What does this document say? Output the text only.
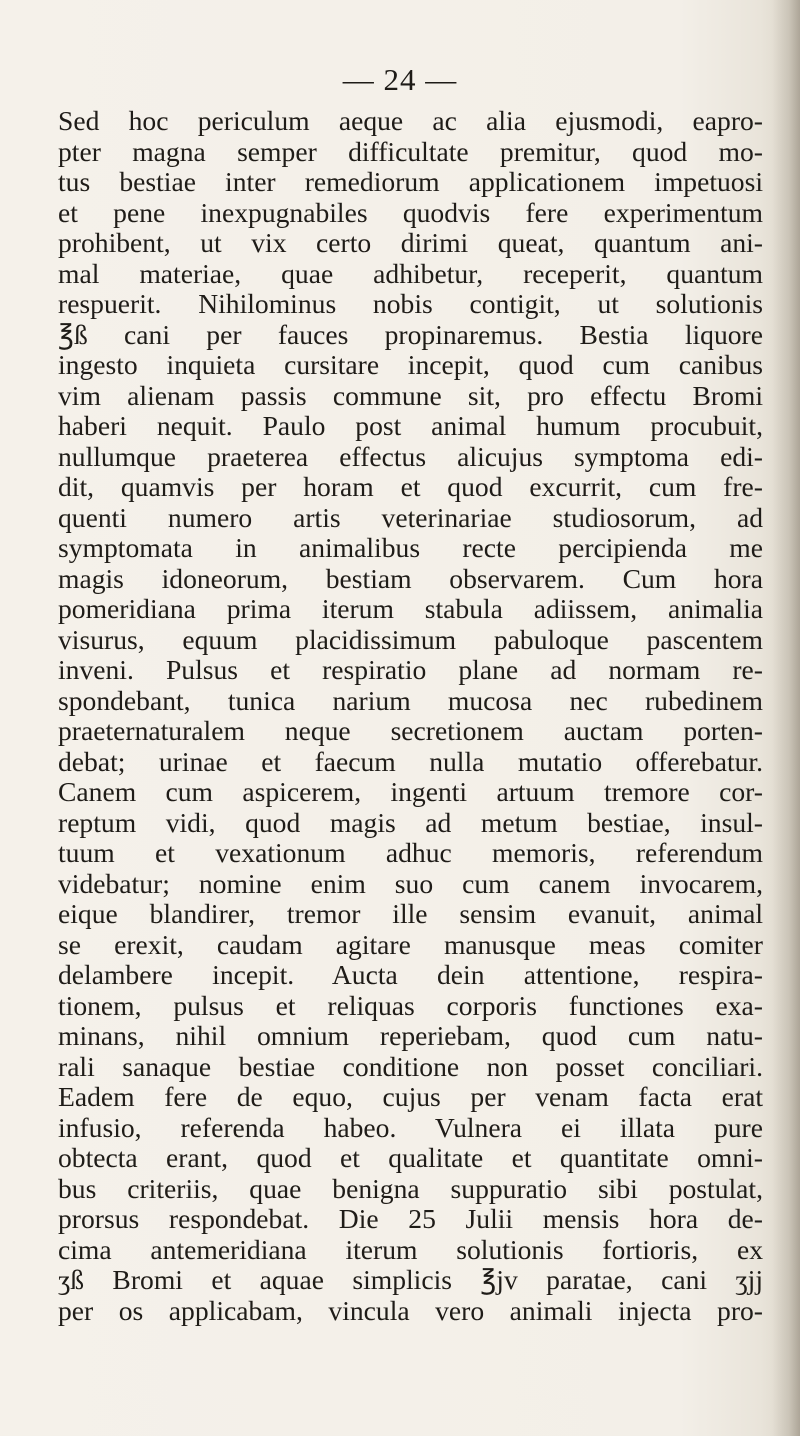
— 24 —
Sed hoc periculum aeque ac alia ejusmodi, eapro-
pter magna semper difficultate premitur, quod mo-
tus bestiae inter remediorum applicationem impetuosi
et pene inexpugnabiles quodvis fere experimentum
prohibent, ut vix certo dirimi queat, quantum ani-
mal materiae, quae adhibetur, receperit, quantum
respuerit. Nihilominus nobis contigit, ut solutionis
℥ß cani per fauces propinaremus. Bestia liquore
ingesto inquieta cursitare incepit, quod cum canibus
vim alienam passis commune sit, pro effectu Bromi
haberi nequit. Paulo post animal humum procubuit,
nullumque praeterea effectus alicujus symptoma edi-
dit, quamvis per horam et quod excurrit, cum fre-
quenti numero artis veterinariae studiosorum, ad
symptomata in animalibus recte percipienda me
magis idoneorum, bestiam observarem. Cum hora
pomeridiana prima iterum stabula adiissem, animalia
visurus, equum placidissimum pabuloque pascentem
inveni. Pulsus et respiratio plane ad normam re-
spondebant, tunica narium mucosa nec rubedinem
praeternaturalem neque secretionem auctam porten-
debat; urinae et faecum nulla mutatio offerebatur.
Canem cum aspicerem, ingenti artuum tremore cor-
reptum vidi, quod magis ad metum bestiae, insul-
tuum et vexationum adhuc memoris, referendum
videbatur; nomine enim suo cum canem invocarem,
eique blandirer, tremor ille sensim evanuit, animal
se erexit, caudam agitare manusque meas comiter
delambere incepit. Aucta dein attentione, respira-
tionem, pulsus et reliquas corporis functiones exa-
minans, nihil omnium reperiebam, quod cum natu-
rali sanaque bestiae conditione non posset conciliari.
Eadem fere de equo, cujus per venam facta erat
infusio, referenda habeo. Vulnera ei illata pure
obtecta erant, quod et qualitate et quantitate omni-
bus criteriis, quae benigna suppuratio sibi postulat,
prorsus respondebat. Die 25 Julii mensis hora de-
cima antemeridiana iterum solutionis fortioris, ex
ʒß Bromi et aquae simplicis ℥jv paratae, cani ʒjj
per os applicabam, vincula vero animali injecta pro-
